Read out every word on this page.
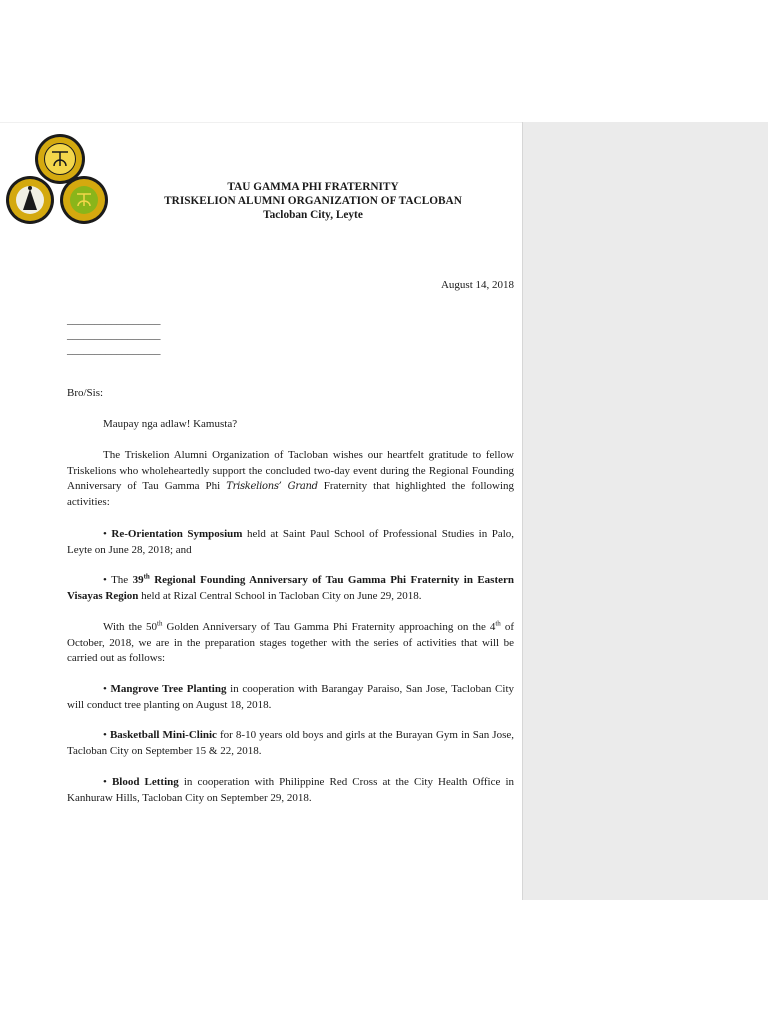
TAU GAMMA PHI FRATERNITY
TRISKELION ALUMNI ORGANIZATION OF TACLOBAN
Tacloban City, Leyte
August 14, 2018
_________________
_________________
_________________
Bro/Sis:
Maupay nga adlaw! Kamusta?
The Triskelion Alumni Organization of Tacloban wishes our heartfelt gratitude to fellow Triskelions who wholeheartedly support the concluded two-day event during the Regional Founding Anniversary of Tau Gamma Phi Triskelions’ Grand Fraternity that highlighted the following activities:
• Re-Orientation Symposium held at Saint Paul School of Professional Studies in Palo, Leyte on June 28, 2018; and
• The 39th Regional Founding Anniversary of Tau Gamma Phi Fraternity in Eastern Visayas Region held at Rizal Central School in Tacloban City on June 29, 2018.
With the 50th Golden Anniversary of Tau Gamma Phi Fraternity approaching on the 4th of October, 2018, we are in the preparation stages together with the series of activities that will be carried out as follows:
• Mangrove Tree Planting in cooperation with Barangay Paraiso, San Jose, Tacloban City will conduct tree planting on August 18, 2018.
• Basketball Mini-Clinic for 8-10 years old boys and girls at the Burayan Gym in San Jose, Tacloban City on September 15 & 22, 2018.
• Blood Letting in cooperation with Philippine Red Cross at the City Health Office in Kanhuraw Hills, Tacloban City on September 29, 2018.
